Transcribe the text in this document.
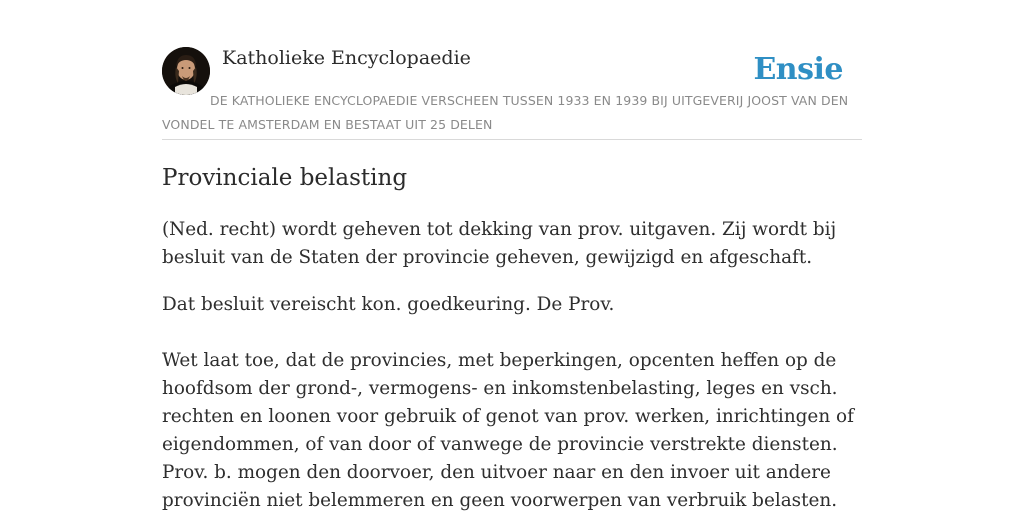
Katholieke Encyclopaedie	Ensie
DE KATHOLIEKE ENCYCLOPAEDIE VERSCHEEN TUSSEN 1933 EN 1939 BIJ UITGEVERIJ JOOST VAN DEN VONDEL TE AMSTERDAM EN BESTAAT UIT 25 DELEN
Provinciale belasting

(Ned. recht) wordt geheven tot dekking van prov. uitgaven. Zij wordt bij besluit van de Staten der provincie geheven, gewijzigd en afgeschaft.

Dat besluit vereischt kon. goedkeuring. De Prov.

Wet laat toe, dat de provincies, met beperkingen, opcenten heffen op de hoofdsom der grond-, vermogens- en inkomstenbelasting, leges en vsch. rechten en loonen voor gebruik of genot van prov. werken, inrichtingen of eigendommen, of van door of vanwege de provincie verstrekte diensten. Prov. b. mogen den doorvoer, den uitvoer naar en den invoer uit andere provinciën niet belemmeren en geen voorwerpen van verbruik belasten.
